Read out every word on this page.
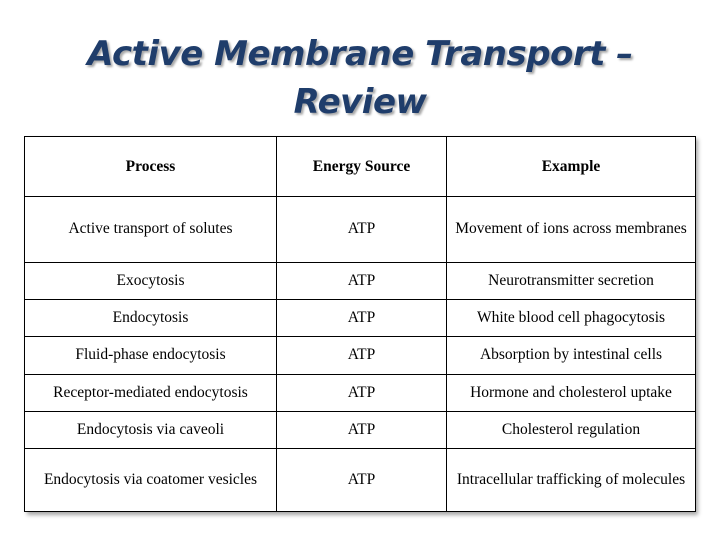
Active Membrane Transport –
Review
Process	Energy Source	Example
Active transport of solutes	ATP	Movement of ions across membranes
Exocytosis	ATP	Neurotransmitter secretion
Endocytosis	ATP	White blood cell phagocytosis
Fluid-phase endocytosis	ATP	Absorption by intestinal cells
Receptor-mediated endocytosis	ATP	Hormone and cholesterol uptake
Endocytosis via caveoli	ATP	Cholesterol regulation
Endocytosis via coatomer vesicles	ATP	Intracellular trafficking of molecules
